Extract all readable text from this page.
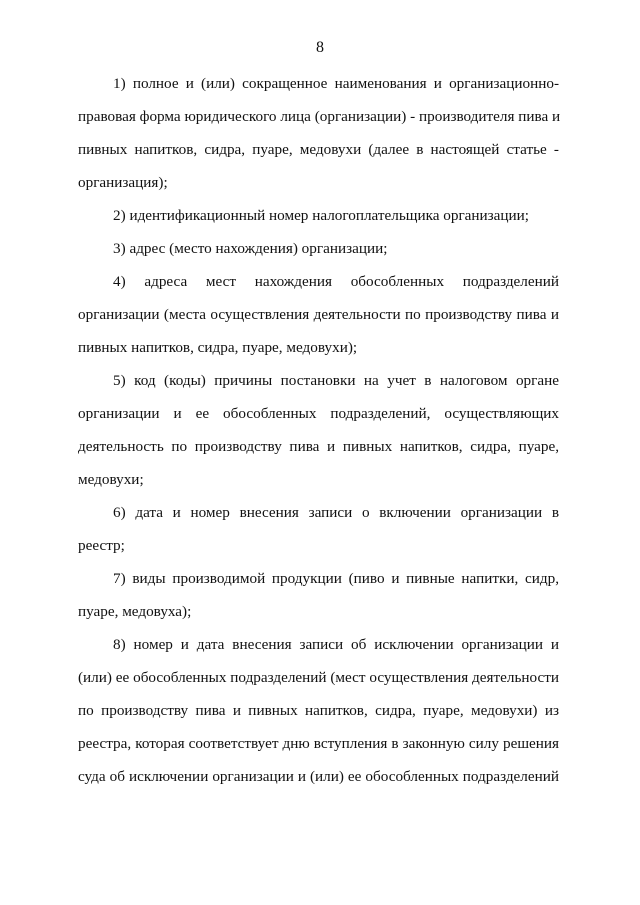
8
1) полное и (или) сокращенное наименования и организационно-
правовая форма юридического лица (организации) - производителя пива и
пивных напитков, сидра, пуаре, медовухи (далее в настоящей статье -
организация);
2) идентификационный номер налогоплательщика организации;
3) адрес (место нахождения) организации;
4) адреса мест нахождения обособленных подразделений
организации (места осуществления деятельности по производству пива и
пивных напитков, сидра, пуаре, медовухи);
5) код (коды) причины постановки на учет в налоговом органе
организации и ее обособленных подразделений, осуществляющих
деятельность по производству пива и пивных напитков, сидра, пуаре,
медовухи;
6) дата и номер внесения записи о включении организации в
реестр;
7) виды производимой продукции (пиво и пивные напитки, сидр,
пуаре, медовуха);
8) номер и дата внесения записи об исключении организации и
(или) ее обособленных подразделений (мест осуществления деятельности
по производству пива и пивных напитков, сидра, пуаре, медовухи) из
реестра, которая соответствует дню вступления в законную силу решения
суда об исключении организации и (или) ее обособленных подразделений
